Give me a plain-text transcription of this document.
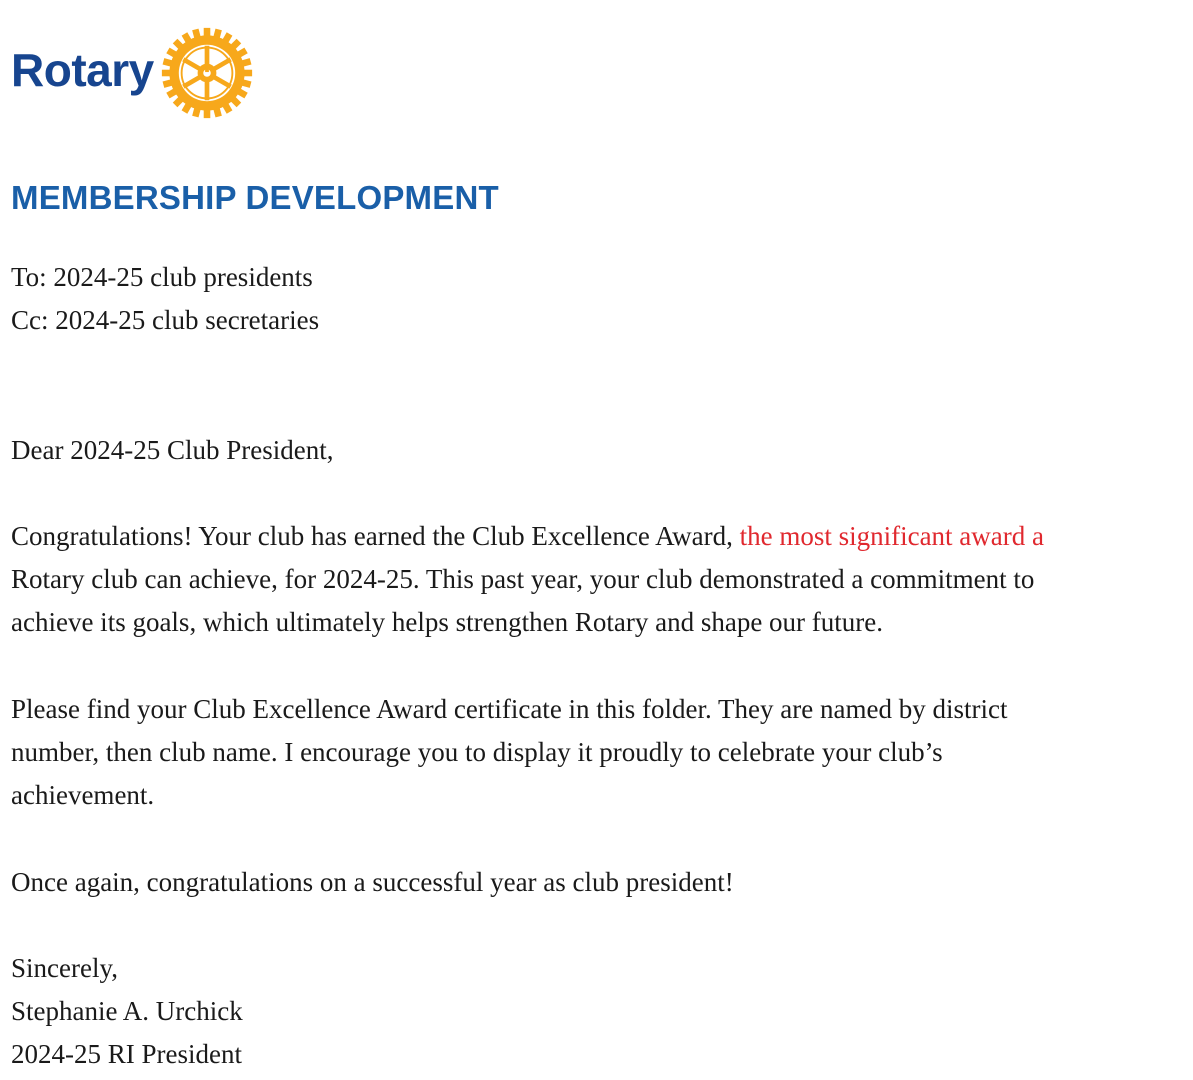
Rotary
MEMBERSHIP DEVELOPMENT
To: 2024-25 club presidents
Cc: 2024-25 club secretaries
Dear 2024-25 Club President,
Congratulations! Your club has earned the Club Excellence Award, the most significant award a
Rotary club can achieve, for 2024-25. This past year, your club demonstrated a commitment to
achieve its goals, which ultimately helps strengthen Rotary and shape our future.
Please find your Club Excellence Award certificate in this folder. They are named by district
number, then club name. I encourage you to display it proudly to celebrate your club’s
achievement.
Once again, congratulations on a successful year as club president!
Sincerely,
Stephanie A. Urchick
2024-25 RI President
